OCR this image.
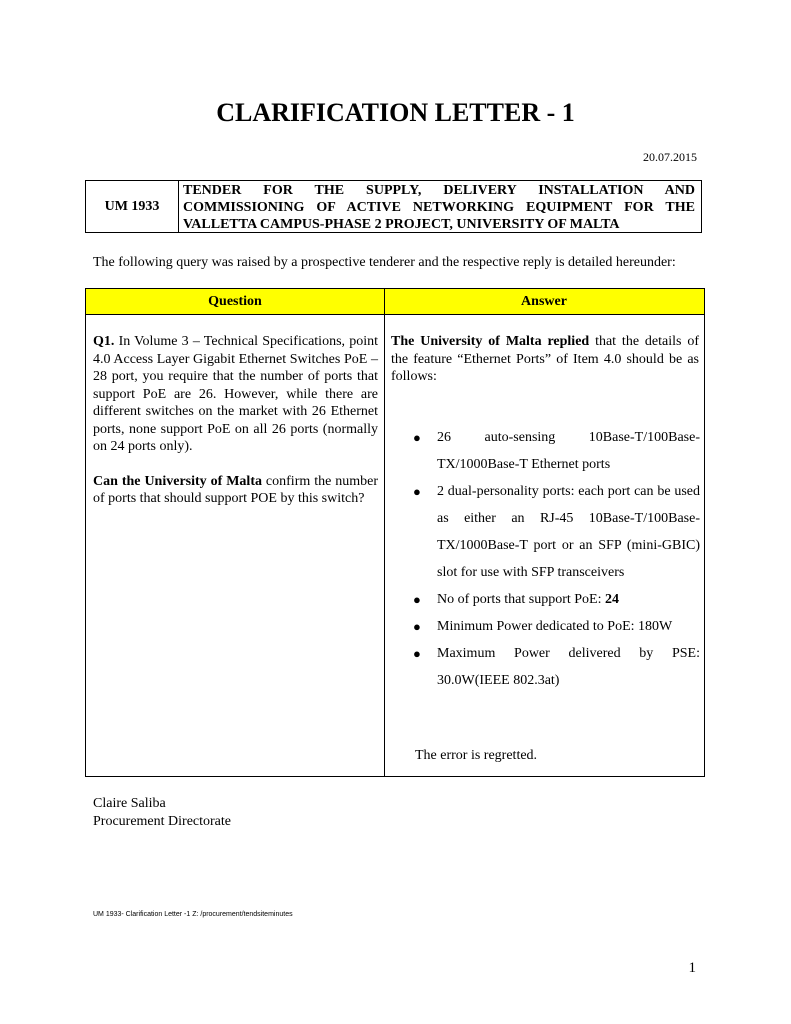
CLARIFICATION LETTER - 1
20.07.2015
UM 1933
TENDER FOR THE SUPPLY, DELIVERY INSTALLATION AND COMMISSIONING OF ACTIVE NETWORKING EQUIPMENT FOR THE VALLETTA CAMPUS-PHASE 2 PROJECT, UNIVERSITY OF MALTA

The following query was raised by a prospective tenderer and the respective reply is detailed hereunder:

Question	Answer

Q1. In Volume 3 – Technical Specifications, point 4.0 Access Layer Gigabit Ethernet Switches PoE – 28 port, you require that the number of ports that support PoE are 26. However, while there are different switches on the market with 26 Ethernet ports, none support PoE on all 26 ports (normally on 24 ports only).

Can the University of Malta confirm the number of ports that should support POE by this switch?

The University of Malta replied that the details of the feature “Ethernet Ports” of Item 4.0 should be as follows:

● 26 auto-sensing 10Base-T/100Base-TX/1000Base-T Ethernet ports
● 2 dual-personality ports: each port can be used as either an RJ-45 10Base-T/100Base-TX/1000Base-T port or an SFP (mini-GBIC) slot for use with SFP transceivers
● No of ports that support PoE: 24
● Minimum Power dedicated to PoE: 180W
● Maximum Power delivered by PSE: 30.0W(IEEE 802.3at)
The error is regretted.
Claire Saliba
Procurement Directorate
UM 1933- Clarification Letter -1 Z: /procurement/tendsiteminutes
1
